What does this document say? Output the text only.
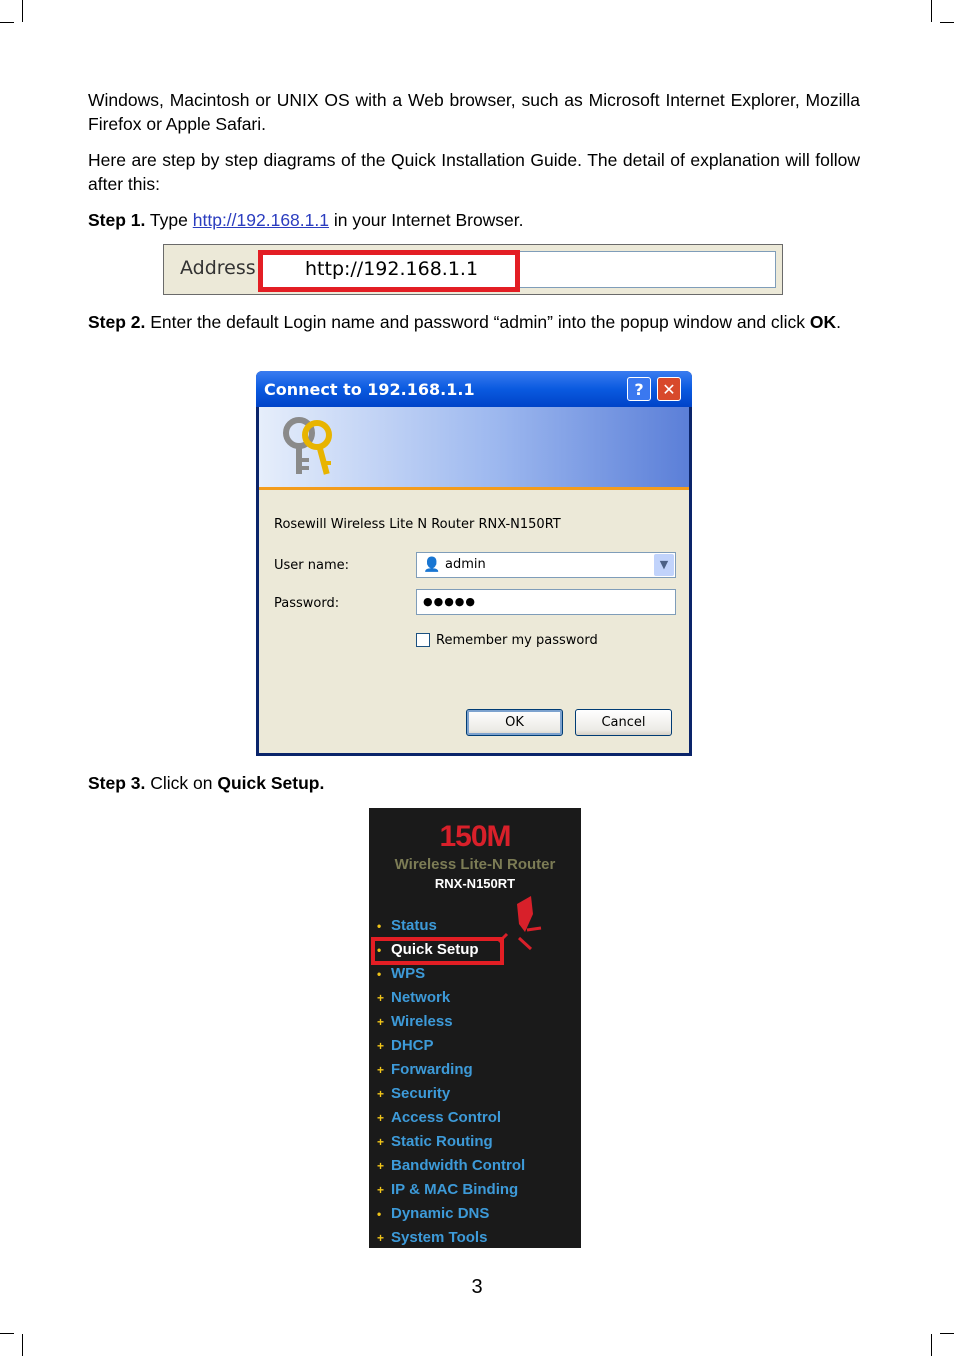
Windows, Macintosh or UNIX OS with a Web browser, such as Microsoft Internet Explorer, Mozilla Firefox or Apple Safari.

Here are step by step diagrams of the Quick Installation Guide. The detail of explanation will follow after this:

Step 1. Type http://192.168.1.1 in your Internet Browser.

Address	http://192.168.1.1

Step 2. Enter the default Login name and password “admin” into the popup window and click OK.

Connect to 192.168.1.1	?	✕
Rosewill Wireless Lite N Router RNX-N150RT
User name:	👤 admin	▼
Password:	●●●●●
Remember my password
OK	Cancel

Step 3. Click on Quick Setup.

150M
Wireless Lite-N Router
RNX-N150RT
• Status
• Quick Setup
• WPS
+ Network
+ Wireless
+ DHCP
+ Forwarding
+ Security
+ Access Control
+ Static Routing
+ Bandwidth Control
+ IP & MAC Binding
• Dynamic DNS
+ System Tools
3
